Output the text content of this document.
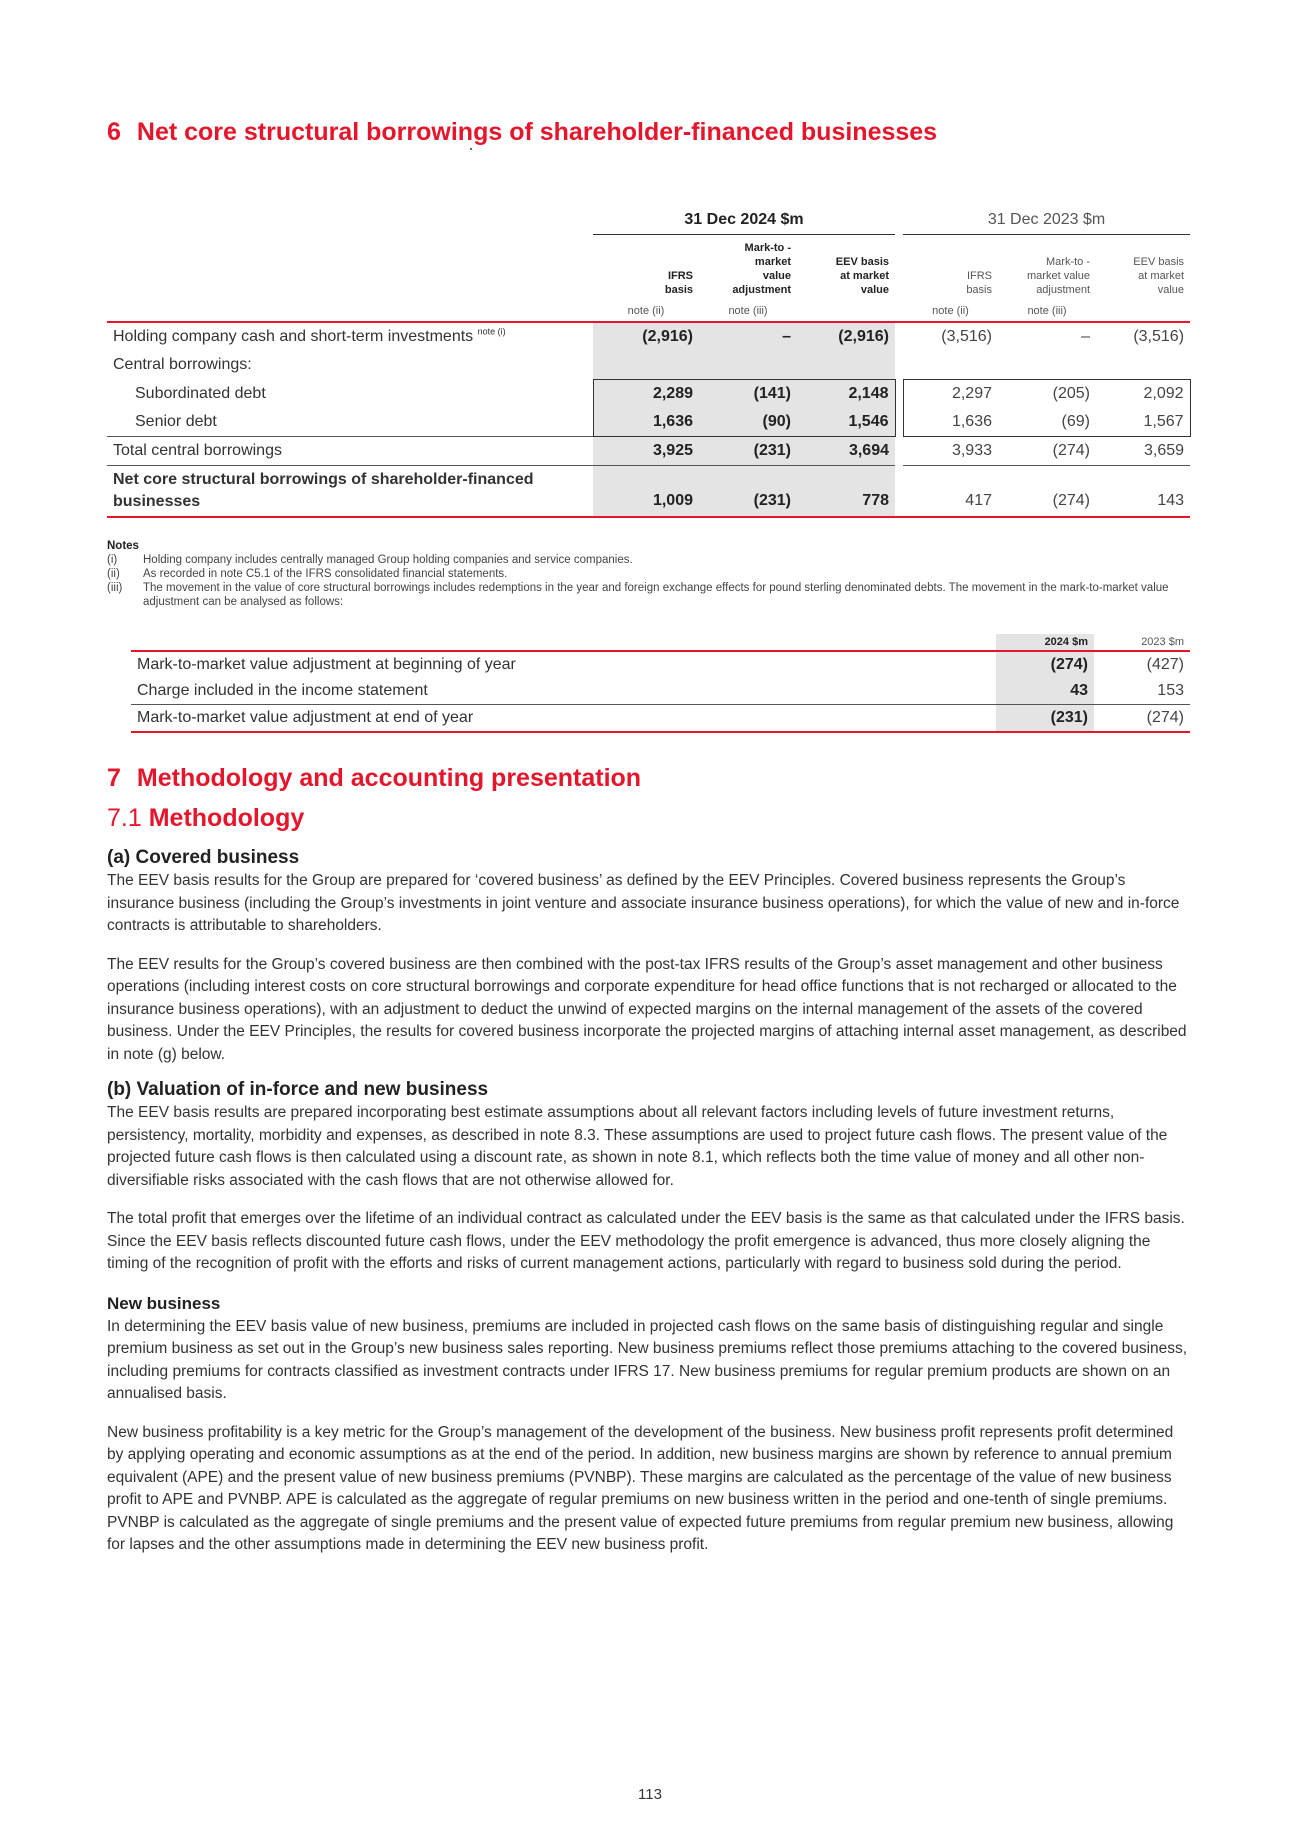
6 Net core structural borrowings of shareholder-financed businesses
	31 Dec 2024 $m				31 Dec 2023 $m		
	IFRS basis	Mark-to -market value adjustment	EEV basis at market value		IFRS basis	Mark-to -market value adjustment	EEV basis at market value
	note (ii)	note (iii)			note (ii)	note (iii)	
Holding company cash and short-term investments $^{note (i)}$	(2,916)	–	(2,916)		(3,516)	–	(3,516)
Central borrowings:							
Subordinated debt	2,289	(141)	2,148		2,297	(205)	2,092
Senior debt	1,636	(90)	1,546		1,636	(69)	1,567
Total central borrowings	3,925	(231)	3,694		3,933	(274)	3,659
Net core structural borrowings of shareholder-financed businesses	1,009	(231)	778		417	(274)	143
Notes
(i)	Holding company includes centrally managed Group holding companies and service companies.
(ii)	As recorded in note C5.1 of the IFRS consolidated financial statements.
(iii)	The movement in the value of core structural borrowings includes redemptions in the year and foreign exchange effects for pound sterling denominated debts. The movement in the mark-to-market value adjustment can be analysed as follows:
	2024 $m	2023 $m
Mark-to-market value adjustment at beginning of year	(274)	(427)
Charge included in the income statement	43	153
Mark-to-market value adjustment at end of year	(231)	(274)
7 Methodology and accounting presentation
7.1 Methodology
(a) Covered business

The EEV basis results for the Group are prepared for ‘covered business’ as defined by the EEV Principles. Covered business represents the Group’s insurance business (including the Group’s investments in joint venture and associate insurance business operations), for which the value of new and in-force contracts is attributable to shareholders.

The EEV results for the Group’s covered business are then combined with the post-tax IFRS results of the Group’s asset management and other business operations (including interest costs on core structural borrowings and corporate expenditure for head office functions that is not recharged or allocated to the insurance business operations), with an adjustment to deduct the unwind of expected margins on the internal management of the assets of the covered business. Under the EEV Principles, the results for covered business incorporate the projected margins of attaching internal asset management, as described in note (g) below.

(b) Valuation of in-force and new business

The EEV basis results are prepared incorporating best estimate assumptions about all relevant factors including levels of future investment returns, persistency, mortality, morbidity and expenses, as described in note 8.3. These assumptions are used to project future cash flows. The present value of the projected future cash flows is then calculated using a discount rate, as shown in note 8.1, which reflects both the time value of money and all other non-diversifiable risks associated with the cash flows that are not otherwise allowed for.

The total profit that emerges over the lifetime of an individual contract as calculated under the EEV basis is the same as that calculated under the IFRS basis. Since the EEV basis reflects discounted future cash flows, under the EEV methodology the profit emergence is advanced, thus more closely aligning the timing of the recognition of profit with the efforts and risks of current management actions, particularly with regard to business sold during the period.

New business

In determining the EEV basis value of new business, premiums are included in projected cash flows on the same basis of distinguishing regular and single premium business as set out in the Group’s new business sales reporting. New business premiums reflect those premiums attaching to the covered business, including premiums for contracts classified as investment contracts under IFRS 17. New business premiums for regular premium products are shown on an annualised basis.

New business profitability is a key metric for the Group’s management of the development of the business. New business profit represents profit determined by applying operating and economic assumptions as at the end of the period. In addition, new business margins are shown by reference to annual premium equivalent (APE) and the present value of new business premiums (PVNBP). These margins are calculated as the percentage of the value of new business profit to APE and PVNBP. APE is calculated as the aggregate of regular premiums on new business written in the period and one-tenth of single premiums. PVNBP is calculated as the aggregate of single premiums and the present value of expected future premiums from regular premium new business, allowing for lapses and the other assumptions made in determining the EEV new business profit.

113
